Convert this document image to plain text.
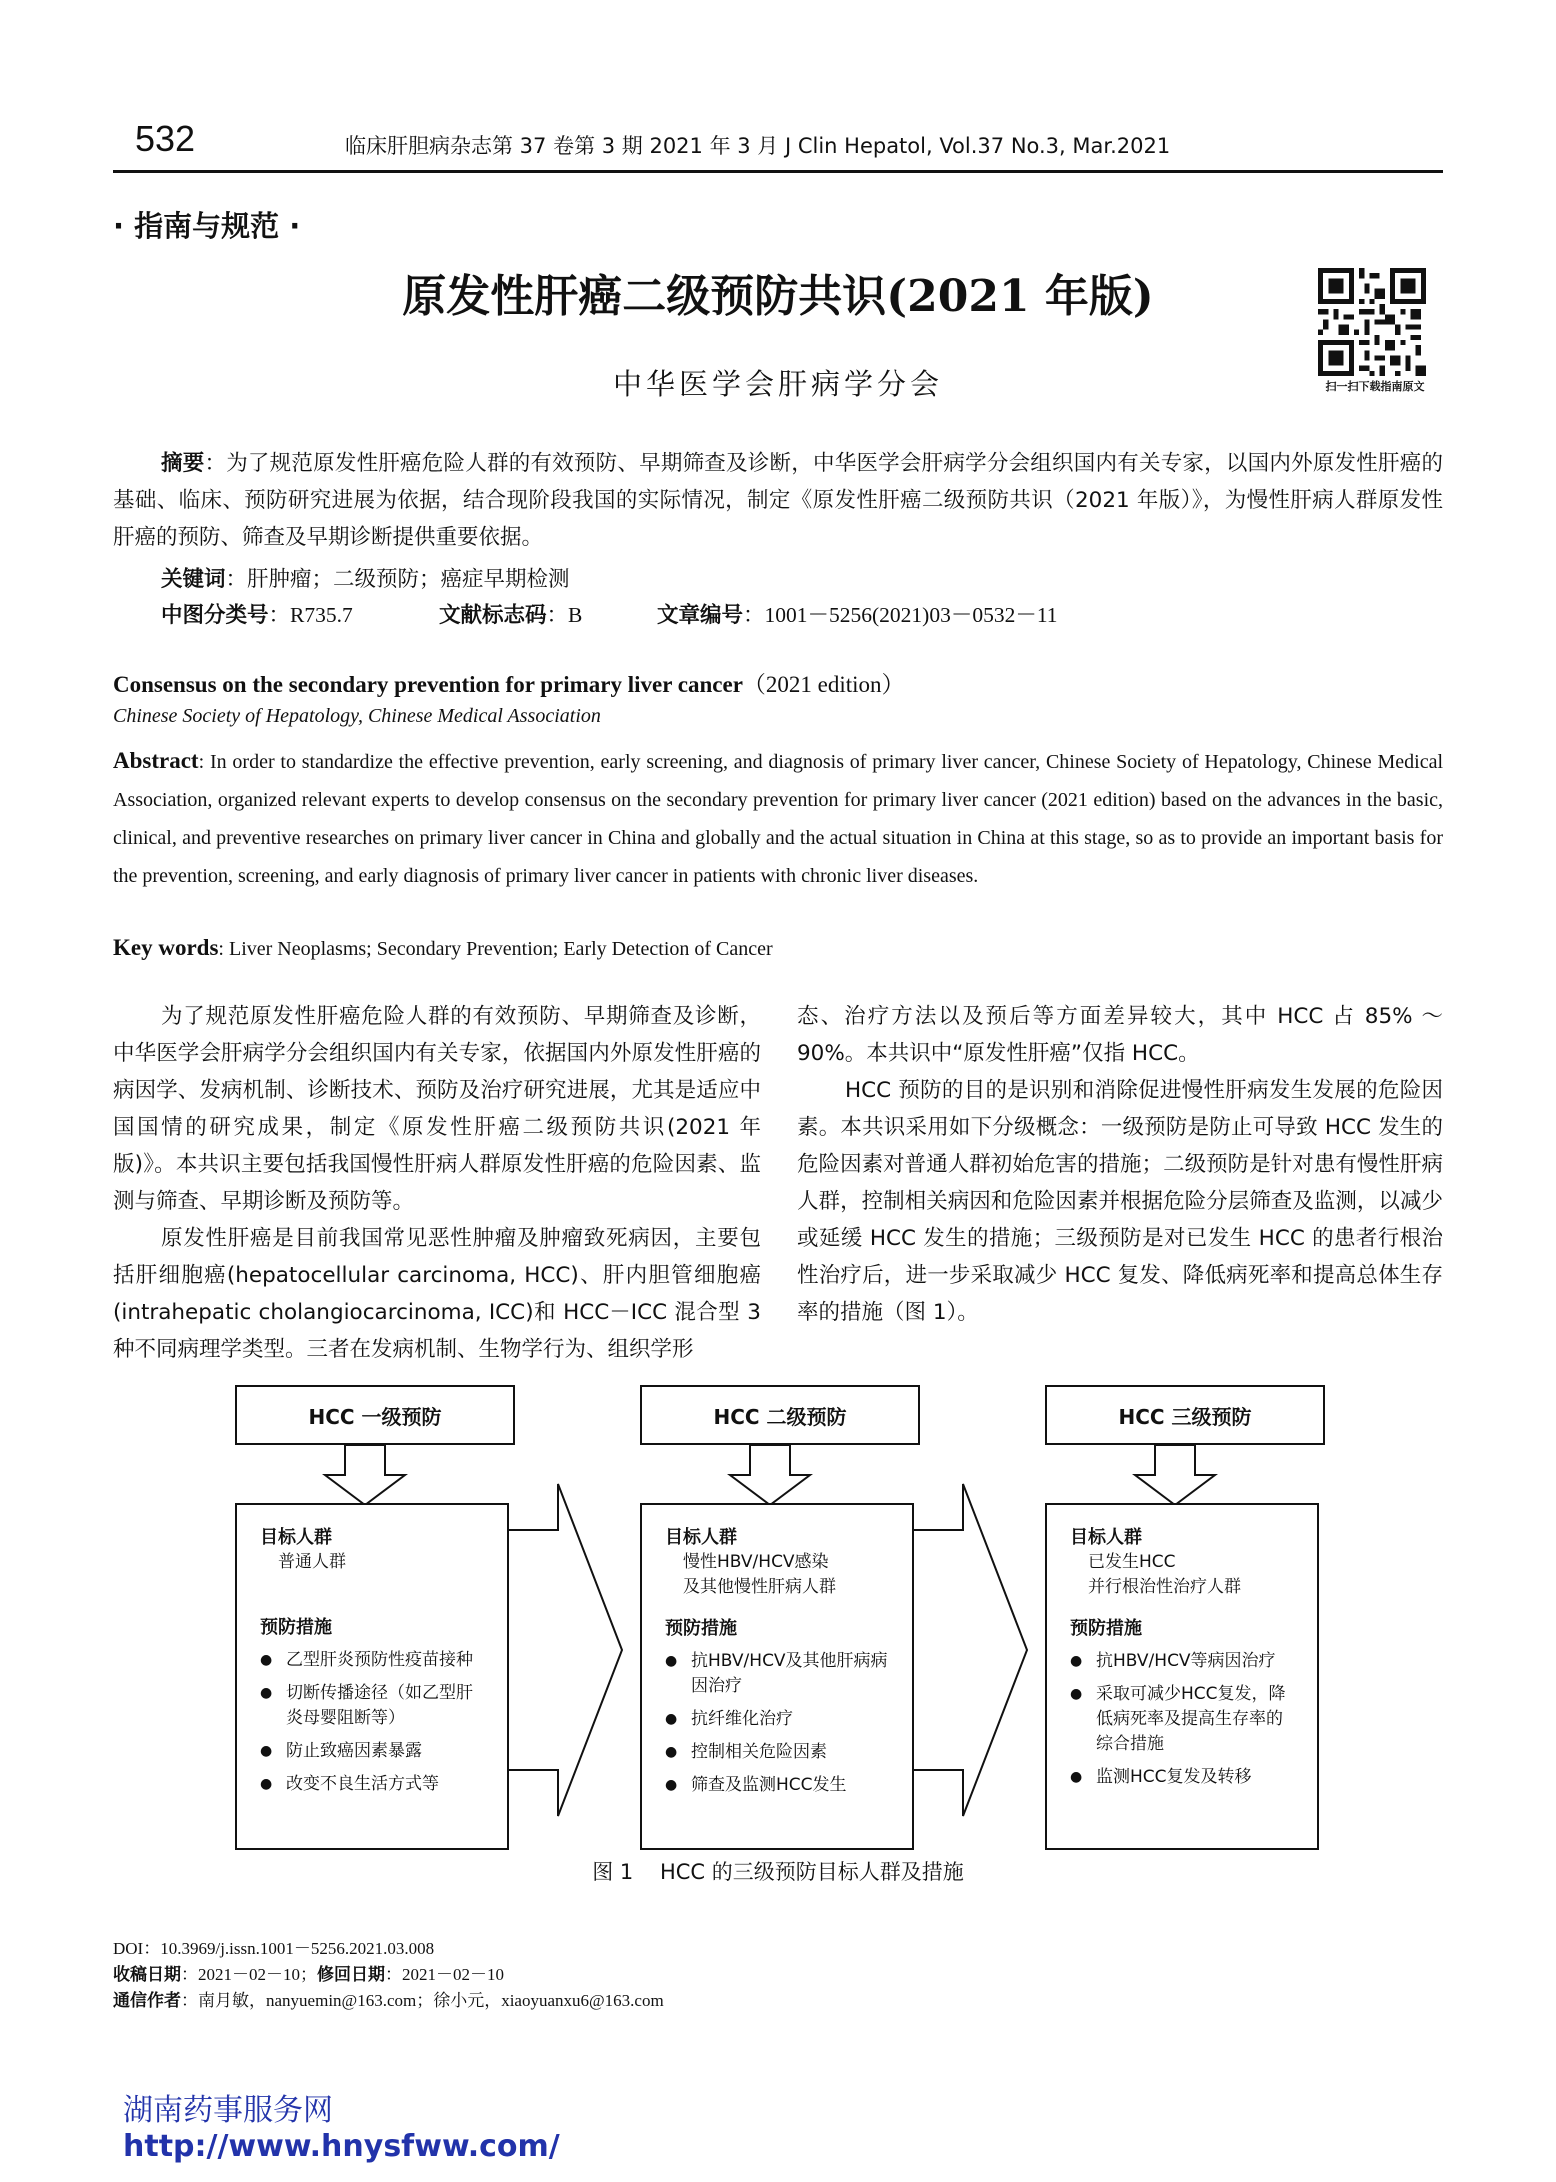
532	临床肝胆病杂志第 37 卷第 3 期 2021 年 3 月 J Clin Hepatol, Vol.37 No.3, Mar.2021
· 指南与规范 ·
原发性肝癌二级预防共识(2021 年版)
中华医学会肝病学分会	扫一扫下载指南原文
摘要：为了规范原发性肝癌危险人群的有效预防、早期筛查及诊断，中华医学会肝病学分会组织国内有关专家，以国内外原发性肝癌的基础、临床、预防研究进展为依据，结合现阶段我国的实际情况，制定《原发性肝癌二级预防共识（2021 年版）》，为慢性肝病人群原发性肝癌的预防、筛查及早期诊断提供重要依据。
关键词：肝肿瘤；二级预防；癌症早期检测
中图分类号：R735.7	文献标志码：B	文章编号：1001－5256(2021)03－0532－11
Consensus on the secondary prevention for primary liver cancer（2021 edition）
Chinese Society of Hepatology, Chinese Medical Association
Abstract: In order to standardize the effective prevention, early screening, and diagnosis of primary liver cancer, Chinese Society of Hepatology, Chinese Medical Association, organized relevant experts to develop consensus on the secondary prevention for primary liver cancer (2021 edition) based on the advances in the basic, clinical, and preventive researches on primary liver cancer in China and globally and the actual situation in China at this stage, so as to provide an important basis for the prevention, screening, and early diagnosis of primary liver cancer in patients with chronic liver diseases.
Key words: Liver Neoplasms; Secondary Prevention; Early Detection of Cancer

为了规范原发性肝癌危险人群的有效预防、早期筛查及诊断，中华医学会肝病学分会组织国内有关专家，依据国内外原发性肝癌的病因学、发病机制、诊断技术、预防及治疗研究进展，尤其是适应中国国情的研究成果，制定《原发性肝癌二级预防共识(2021 年版)》。本共识主要包括我国慢性肝病人群原发性肝癌的危险因素、监测与筛查、早期诊断及预防等。

原发性肝癌是目前我国常见恶性肿瘤及肿瘤致死病因，主要包括肝细胞癌(hepatocellular carcinoma, HCC)、肝内胆管细胞癌(intrahepatic cholangiocarcinoma, ICC)和 HCC－ICC 混合型 3 种不同病理学类型。三者在发病机制、生物学行为、组织学形

态、治疗方法以及预后等方面差异较大，其中 HCC 占 85% ～ 90%。本共识中“原发性肝癌”仅指 HCC。

HCC 预防的目的是识别和消除促进慢性肝病发生发展的危险因素。本共识采用如下分级概念：一级预防是防止可导致 HCC 发生的危险因素对普通人群初始危害的措施；二级预防是针对患有慢性肝病人群，控制相关病因和危险因素并根据危险分层筛查及监测，以减少或延缓 HCC 发生的措施；三级预防是对已发生 HCC 的患者行根治性治疗后，进一步采取减少 HCC 复发、降低病死率和提高总体生存率的措施（图 1）。

HCC 一级预防	HCC 二级预防	HCC 三级预防
目标人群
普通人群
预防措施
● 乙型肝炎预防性疫苗接种
● 切断传播途径（如乙型肝炎母婴阻断等）
● 防止致癌因素暴露
● 改变不良生活方式等
目标人群
慢性HBV/HCV感染
及其他慢性肝病人群
预防措施
● 抗HBV/HCV及其他肝病病因治疗
● 抗纤维化治疗
● 控制相关危险因素
● 筛查及监测HCC发生
目标人群
已发生HCC
并行根治性治疗人群
预防措施
● 抗HBV/HCV等病因治疗
● 采取可减少HCC复发，降低病死率及提高生存率的综合措施
● 监测HCC复发及转移
图 1    HCC 的三级预防目标人群及措施
DOI：10.3969/j.issn.1001－5256.2021.03.008
收稿日期：2021－02－10；修回日期：2021－02－10
通信作者：南月敏，nanyuemin@163.com；徐小元，xiaoyuanxu6@163.com
湖南药事服务网
http://www.hnysfww.com/
